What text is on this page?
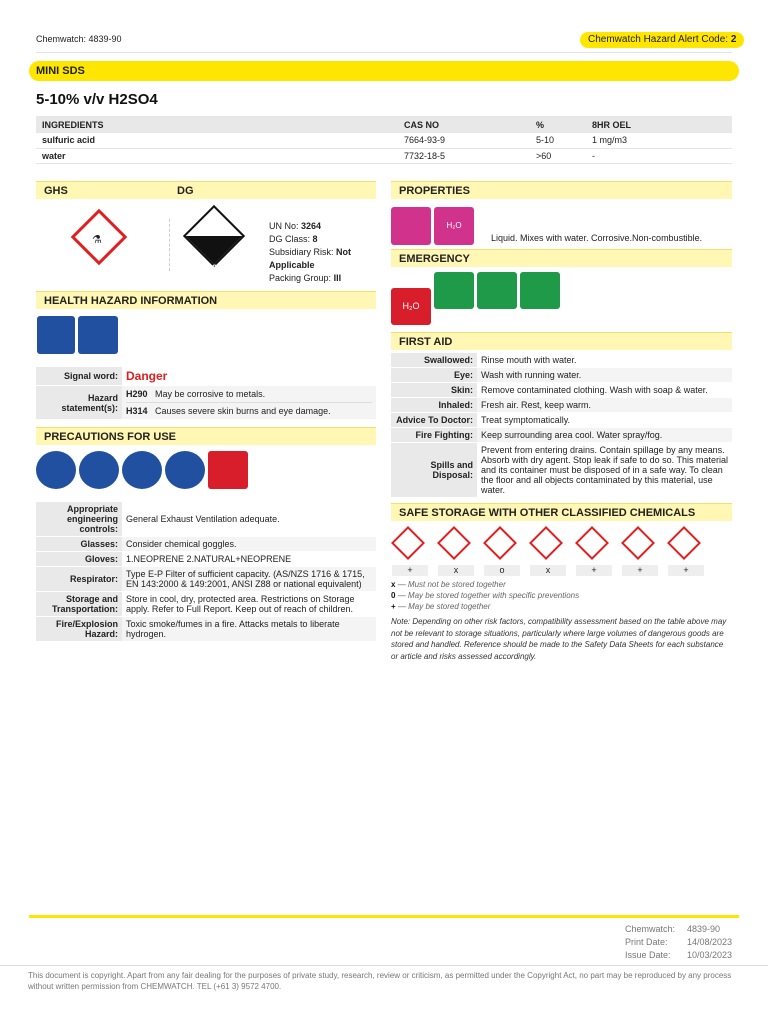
Chemwatch: 4839-90	Chemwatch Hazard Alert Code: 2
MINI SDS
5-10% v/v H2SO4
INGREDIENTS	CAS NO	%	8HR OEL
sulfuric acid	7664-93-9	5-10	1 mg/m3
water	7732-18-5	>60	-
GHS	DG
⚗
8
UN No: 3264
DG Class: 8
Subsidiary Risk: Not Applicable
Packing Group: III
HEALTH HAZARD INFORMATION
Signal word:	Danger
Hazard statement(s):	H290 May be corrosive to metals.
H314 Causes severe skin burns and eye damage.
PRECAUTIONS FOR USE
Appropriate engineering controls:	General Exhaust Ventilation adequate.
Glasses:	Consider chemical goggles.
Gloves:	1.NEOPRENE 2.NATURAL+NEOPRENE
Respirator:	Type E-P Filter of sufficient capacity. (AS/NZS 1716 & 1715, EN 143:2000 & 149:2001, ANSI Z88 or national equivalent)
Storage and Transportation:	Store in cool, dry, protected area. Restrictions on Storage apply. Refer to Full Report. Keep out of reach of children.
Fire/Explosion Hazard:	Toxic smoke/fumes in a fire. Attacks metals to liberate hydrogen.
PROPERTIES
H₂O
Liquid. Mixes with water. Corrosive.Non-combustible.
EMERGENCY
H₂O
FIRST AID
Swallowed:	Rinse mouth with water.
Eye:	Wash with running water.
Skin:	Remove contaminated clothing. Wash with soap & water.
Inhaled:	Fresh air. Rest, keep warm.
Advice To Doctor:	Treat symptomatically.
Fire Fighting:	Keep surrounding area cool. Water spray/fog.
Spills and Disposal:	Prevent from entering drains. Contain spillage by any means. Absorb with dry agent. Stop leak if safe to do so. This material and its container must be disposed of in a safe way. To clean the floor and all objects contaminated by this material, use water.
SAFE STORAGE WITH OTHER CLASSIFIED CHEMICALS
+	x	o	x	+	+	+
x — Must not be stored together
0 — May be stored together with specific preventions
+ — May be stored together
Note: Depending on other risk factors, compatibility assessment based on the table above may not be relevant to storage situations, particularly where large volumes of dangerous goods are stored and handled. Reference should be made to the Safety Data Sheets for each substance or article and risks assessed accordingly.
Chemwatch: 4839-90
Print Date: 14/08/2023
Issue Date: 10/03/2023
This document is copyright. Apart from any fair dealing for the purposes of private study, research, review or criticism, as permitted under the Copyright Act, no part may be reproduced by any process without written permission from CHEMWATCH. TEL (+61 3) 9572 4700.
